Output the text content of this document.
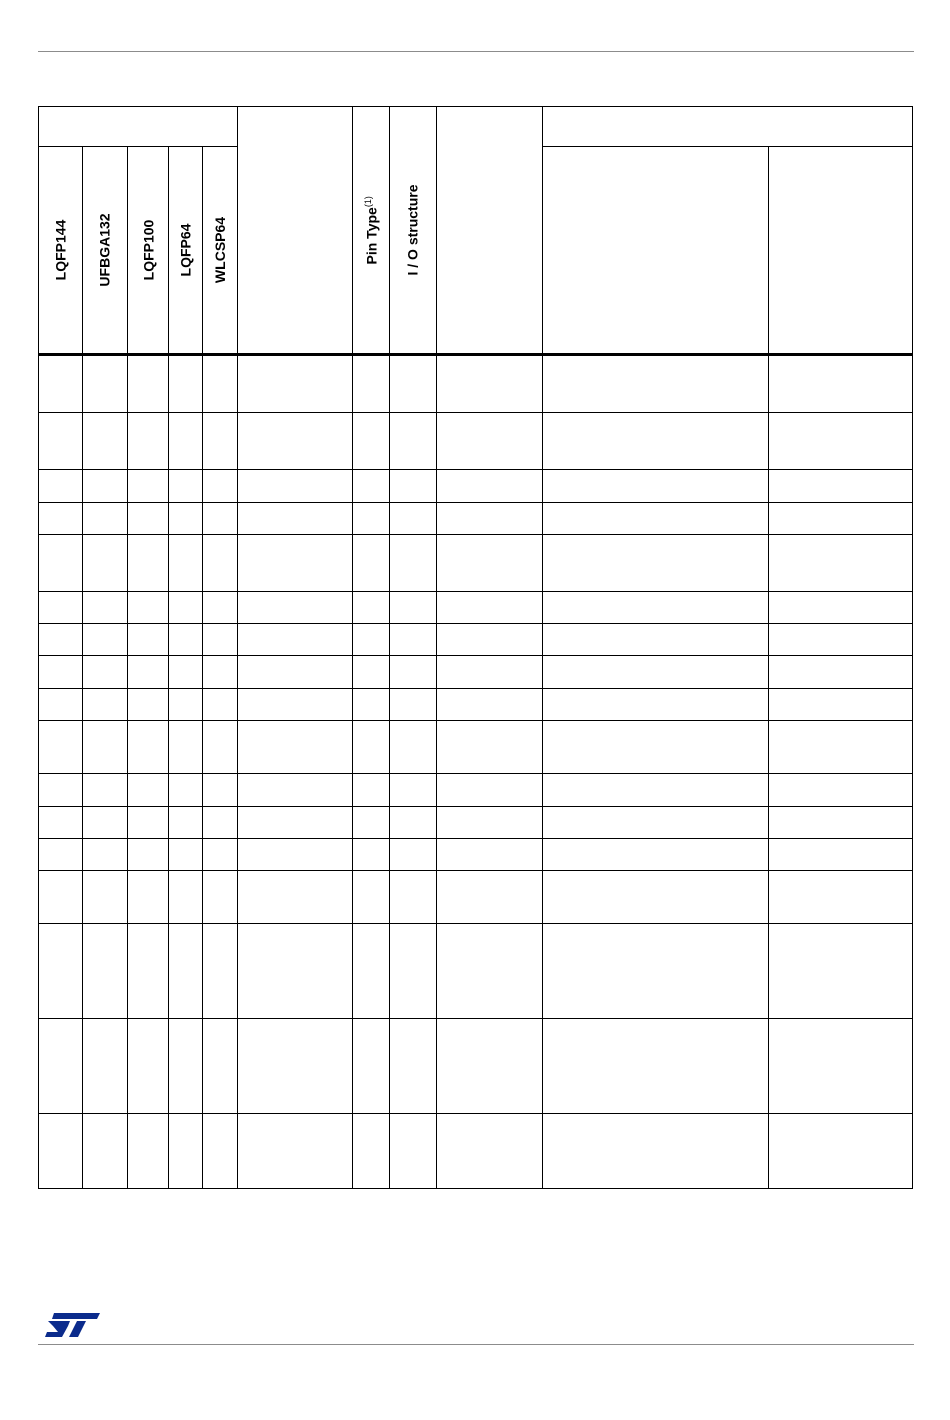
LQFP144 UFBGA132 LQFP100 LQFP64 WLCSP64	Pin Type$^{(1)}$	I / O structure
